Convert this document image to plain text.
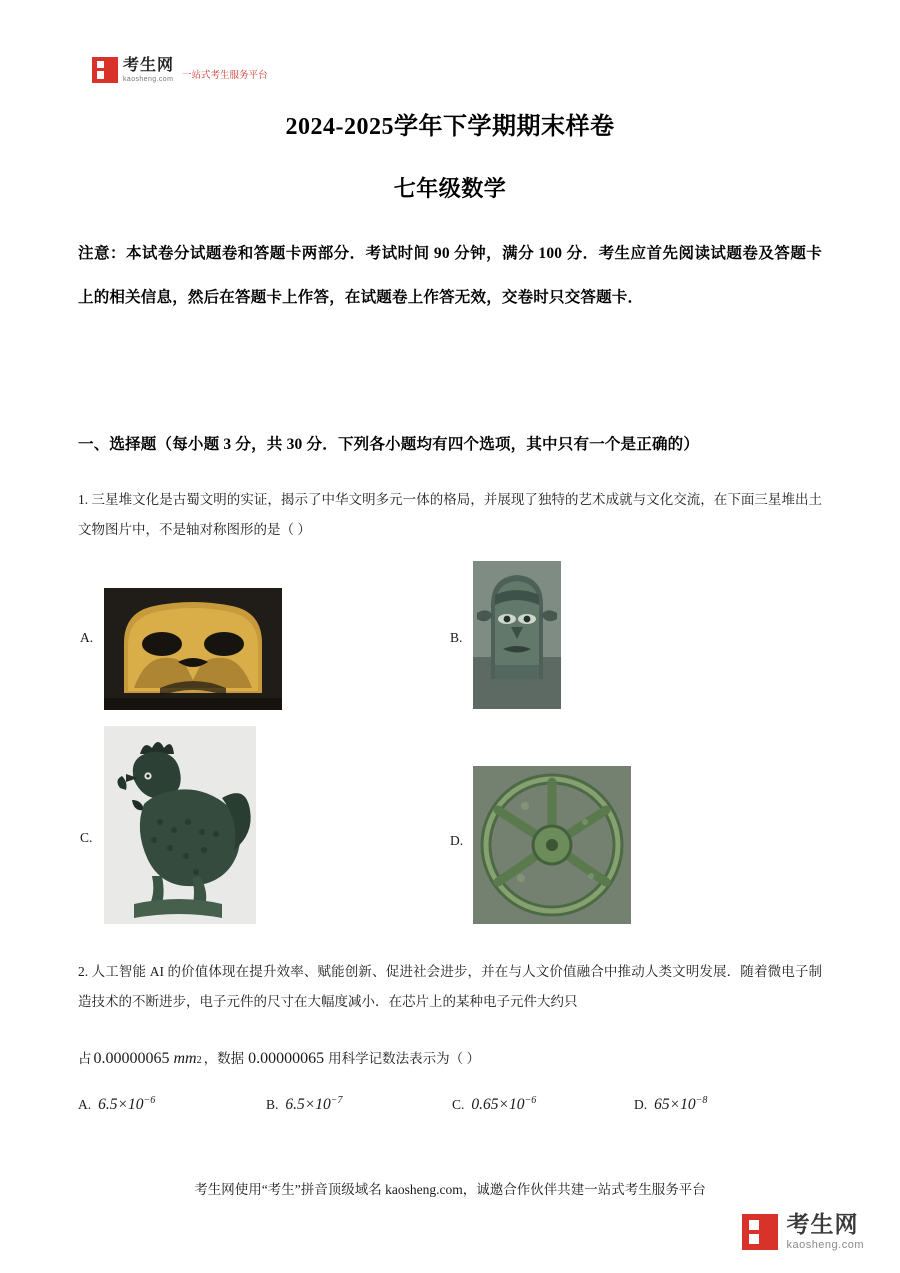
考生网
kaosheng.com 一站式考生服务平台
2024-2025学年下学期期末样卷
七年级数学
注意：本试卷分试题卷和答题卡两部分．考试时间 90 分钟，满分 100 分．考生应首先阅读试题卷及答题卡上的相关信息，然后在答题卡上作答，在试题卷上作答无效，交卷时只交答题卡．
一、选择题（每小题 3 分，共 30 分．下列各小题均有四个选项，其中只有一个是正确的）
1. 三星堆文化是古蜀文明的实证，揭示了中华文明多元一体的格局，并展现了独特的艺术成就与文化交流，在下面三星堆出土文物图片中，不是轴对称图形的是（ ）
A.	B.
C.	D.
2. 人工智能 AI 的价值体现在提升效率、赋能创新、促进社会进步，并在与人文价值融合中推动人类文明发展．随着微电子制造技术的不断进步，电子元件的尺寸在大幅度减小．在芯片上的某种电子元件大约只
占 0.00000065 mm 2 ，数据 0.00000065 用科学记数法表示为（ ）
A. $6.5\times 10^{-6}$	B. $6.5\times 10^{-7}$	C. $0.65\times 10^{-6}$	D. $65\times 10^{-8}$
考生网使用“考生”拼音顶级域名 kaosheng.com，诚邀合作伙伴共建一站式考生服务平台
考生网
kaosheng.com
